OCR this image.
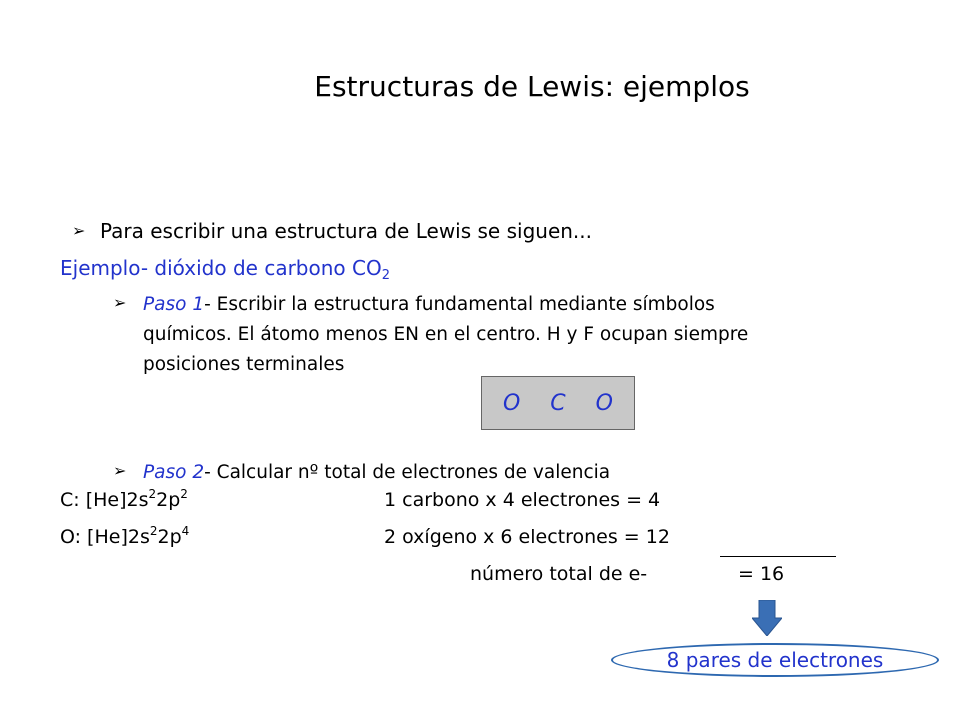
Estructuras de Lewis: ejemplos
➢ Para escribir una estructura de Lewis se siguen...
Ejemplo- dióxido de carbono $CO_2$
➢ Paso 1- Escribir la estructura fundamental mediante símbolos
químicos. El átomo menos EN en el centro. H y F ocupan siempre
posiciones terminales
O C O
➢ Paso 2- Calcular nº total de electrones de valencia
C: $[He]2s^22p^2$
O: $[He]2s^22p^4$
1 carbono x 4 electrones = 4
2 oxígeno x 6 electrones = 12
número total de e-	= 16
8 pares de electrones
